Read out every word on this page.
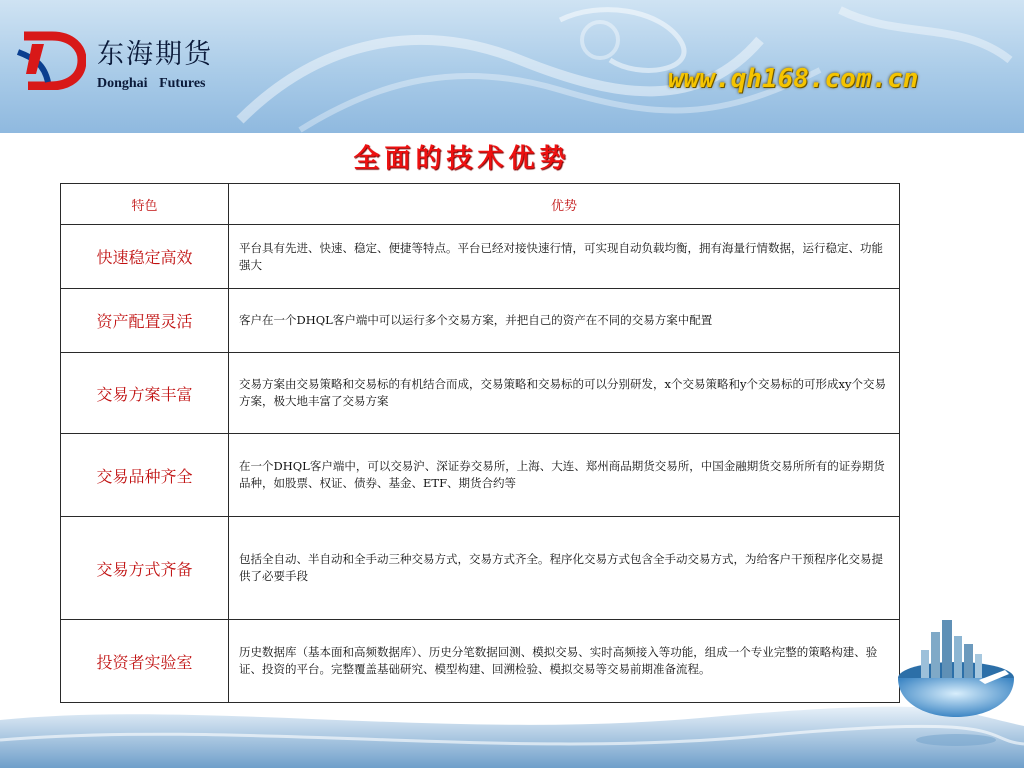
东海期货
Donghai Futures	www.qh168.com.cn
全面的技术优势
特色	优势
快速稳定高效	平台具有先进、快速、稳定、便捷等特点。平台已经对接快速行情，可实现自动负载均衡，拥有海量行情数据，运行稳定、功能强大
资产配置灵活	客户在一个DHQL客户端中可以运行多个交易方案，并把自己的资产在不同的交易方案中配置
交易方案丰富	交易方案由交易策略和交易标的有机结合而成，交易策略和交易标的可以分别研发，x个交易策略和y个交易标的可形成xy个交易方案，极大地丰富了交易方案
交易品种齐全	在一个DHQL客户端中，可以交易沪、深证券交易所，上海、大连、郑州商品期货交易所，中国金融期货交易所所有的证券期货品种，如股票、权证、债券、基金、ETF、期货合约等
交易方式齐备	包括全自动、半自动和全手动三种交易方式，交易方式齐全。程序化交易方式包含全手动交易方式，为给客户干预程序化交易提供了必要手段
投资者实验室	历史数据库（基本面和高频数据库）、历史分笔数据回测、模拟交易、实时高频接入等功能，组成一个专业完整的策略构建、验证、投资的平台。完整覆盖基础研究、模型构建、回溯检验、模拟交易等交易前期准备流程。
